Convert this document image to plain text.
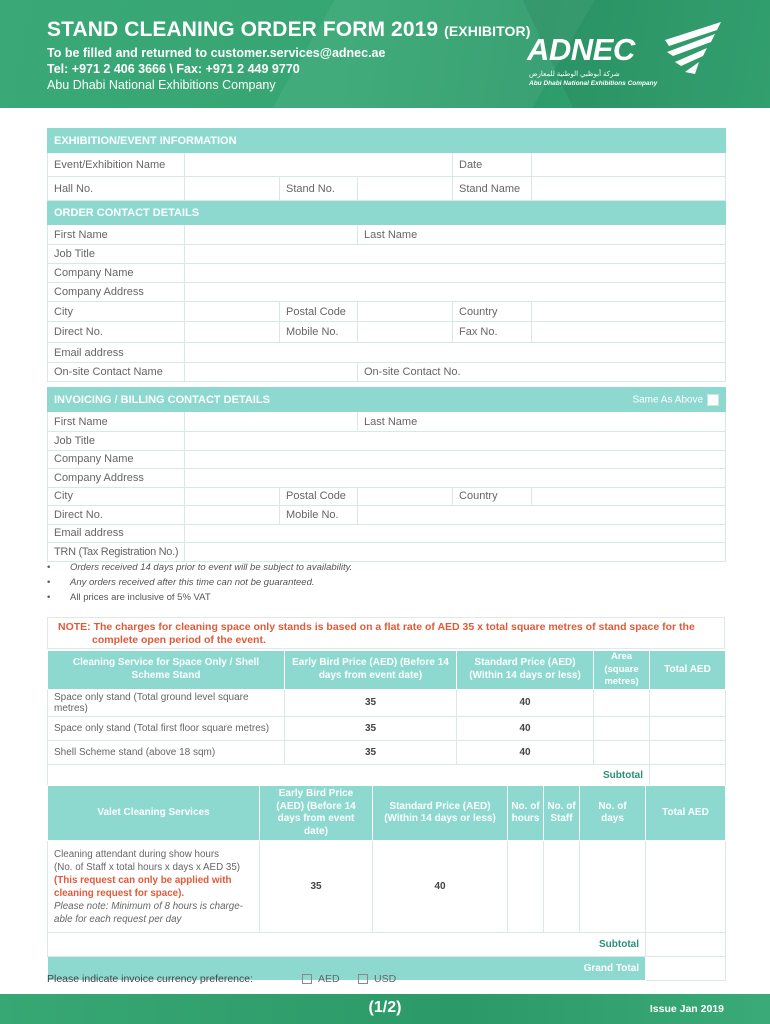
STAND CLEANING ORDER FORM 2019 (EXHIBITOR)
To be filled and returned to customer.services@adnec.ae
Tel: +971 2 406 3666 \ Fax: +971 2 449 9770
Abu Dhabi National Exhibitions Company
ADNEC
شركة أبوظبي الوطنية للمعارض
Abu Dhabi National Exhibitions Company
EXHIBITION/EVENT INFORMATION					
Event/Exhibition Name				Date	
Hall No.		Stand No.		Stand Name	
ORDER CONTACT DETAILS					
First Name			Last Name		
Job Title					
Company Name					
Company Address					
City		Postal Code		Country	
Direct No.		Mobile No.		Fax No.	
Email address					
On-site Contact Name			On-site Contact No.		
INVOICING / BILLING CONTACT DETAILS				Same As Above	
First Name			Last Name		
Job Title					
Company Name					
Company Address					
City		Postal Code		Country	
Direct No.		Mobile No.			
Email address					
TRN (Tax Registration No.)					
• Orders received 14 days prior to event will be subject to availability.
• Any orders received after this time can not be guaranteed.
• All prices are inclusive of 5% VAT
NOTE: The charges for cleaning space only stands is based on a flat rate of AED 35 x total square metres of stand space for the
complete open period of the event.
Cleaning Service for Space Only / Shell Scheme Stand	Early Bird Price (AED) (Before 14 days from event date)	Standard Price (AED) (Within 14 days or less)	Area (square metres)	Total AED
Space only stand (Total ground level square metres)	35	40		
Space only stand (Total first floor square metres)	35	40		
Shell Scheme stand (above 18 sqm)	35	40		
Subtotal				
Valet Cleaning Services	Early Bird Price (AED) (Before 14 days from event date)	Standard Price (AED) (Within 14 days or less)	No. of hours	No. of Staff	No. of days	Total AED

Cleaning attendant during show hours
(No. of Staff x total hours x days x AED 35)
(This request can only be applied with cleaning request for space).
Please note: Minimum of 8 hours is charge-able for each request per day	35	40				
Subtotal						
Grand Total						
Please indicate invoice currency preference:	AED	USD
(1/2)	Issue Jan 2019
